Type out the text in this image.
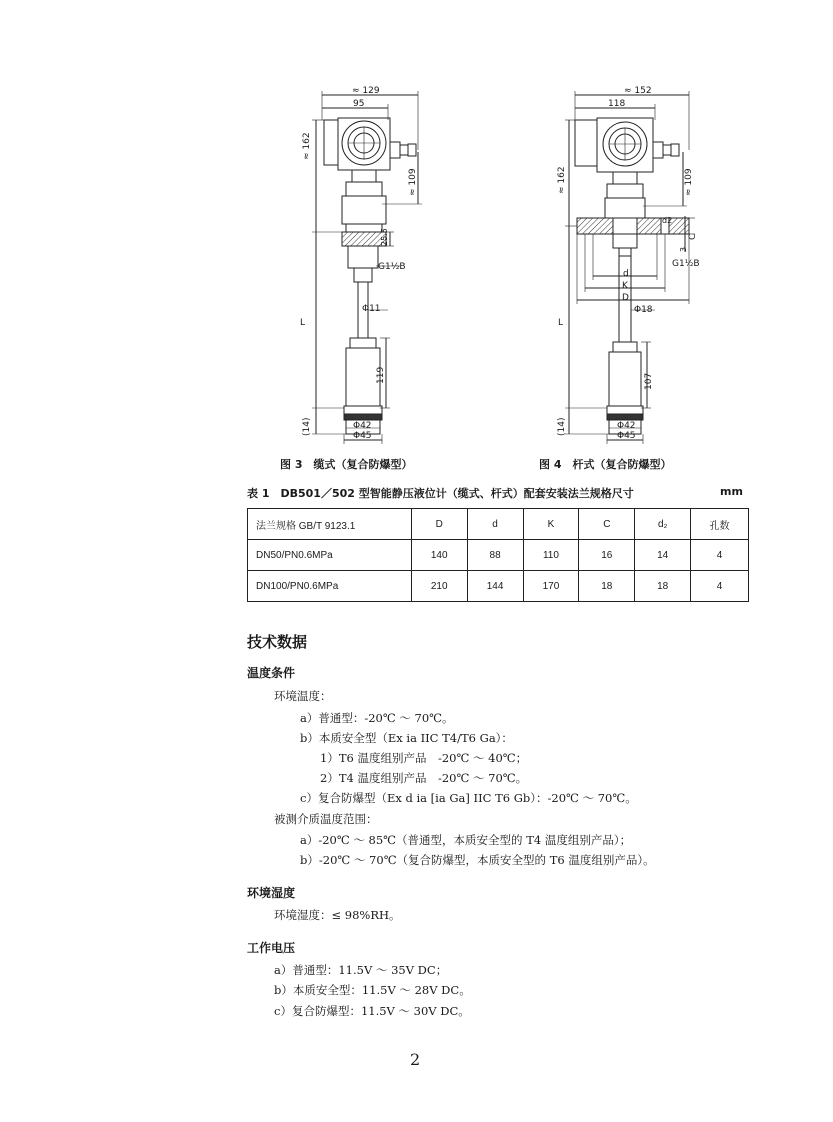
≈ 129
95
≈ 162
≈ 109
25.5
G1½B
L
Φ11
119
(14)	Φ42
Φ45
图 3　缆式（复合防爆型）
≈ 152
118
≈ 162	≈ 109
C
3
d2
G1½B
d
K
D
L
Φ18
107
(14)	Φ42
Φ45
图 4　杆式（复合防爆型）
表 1　DB501／502 型智能静压液位计（缆式、杆式）配套安装法兰规格尺寸	mm
法兰规格 GB/T 9123.1	D	d	K	C	d₂	孔数
DN50/PN0.6MPa	140	88	110	16	14	4
DN100/PN0.6MPa	210	144	170	18	18	4
技术数据
温度条件
环境温度：
a）普通型：-20℃ ～ 70℃。
b）本质安全型（Ex ia IIC T4/T6 Ga）：
1）T6 温度组别产品　-20℃ ～ 40℃；
2）T4 温度组别产品　-20℃ ～ 70℃。
c）复合防爆型（Ex d ia [ia Ga] IIC T6 Gb）：-20℃ ～ 70℃。
被测介质温度范围：
a）-20℃ ～ 85℃（普通型，本质安全型的 T4 温度组别产品）；
b）-20℃ ～ 70℃（复合防爆型，本质安全型的 T6 温度组别产品）。
环境湿度
环境湿度：≤ 98%RH。
工作电压
a）普通型：11.5V ～ 35V DC；
b）本质安全型：11.5V ～ 28V DC。
c）复合防爆型：11.5V ～ 30V DC。
2
